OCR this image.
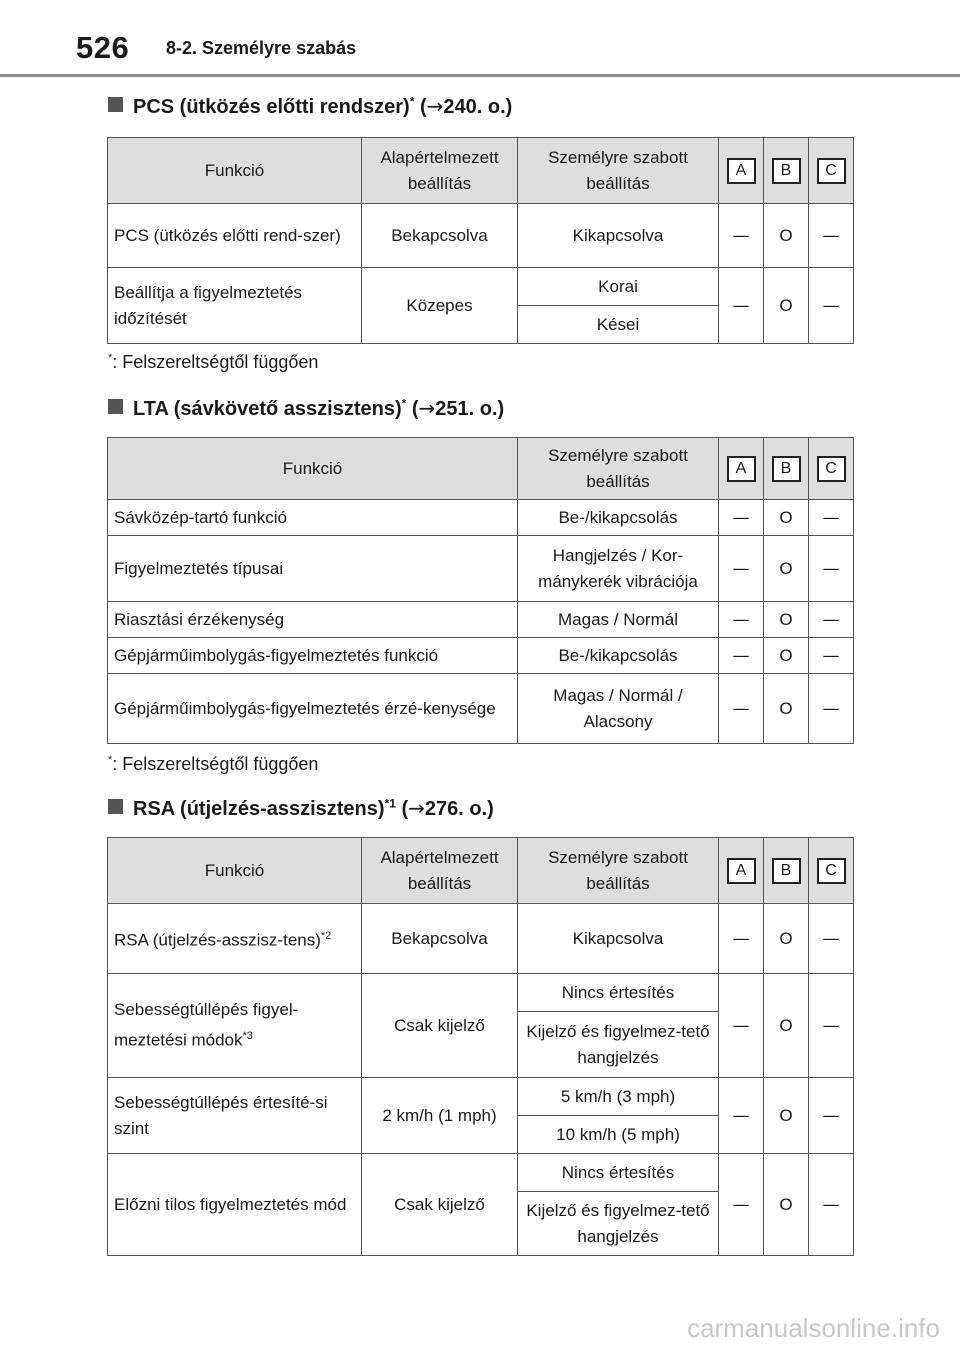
526 8-2. Személyre szabás
PCS (ütközés előtti rendszer)* (→240. o.)
Funkció	Alapértelmezett beállítás	Személyre szabott beállítás	A	B	C
PCS (ütközés előtti rend-szer)	Bekapcsolva	Kikapcsolva	—	O	—
Beállítja a figyelmeztetés időzítését	Közepes	Korai	—	O	—
		Kései			
*: Felszereltségtől függően
LTA (sávkövető asszisztens)* (→251. o.)
Funkció	Személyre szabott beállítás	A	B	C
Sávközép-tartó funkció	Be-/kikapcsolás	—	O	—
Figyelmeztetés típusai	Hangjelzés / Kor-mánykerék vibrációja	—	O	—
Riasztási érzékenység	Magas / Normál	—	O	—
Gépjárműimbolygás-figyelmeztetés funkció	Be-/kikapcsolás	—	O	—
Gépjárműimbolygás-figyelmeztetés érzé-kenysége	Magas / Normál / Alacsony	—	O	—
*: Felszereltségtől függően
RSA (útjelzés-asszisztens)$^{*1}$ (→276. o.)
Funkció	Alapértelmezett beállítás	Személyre szabott beállítás	A	B	C
RSA (útjelzés-asszisz-tens)$^{*2}$	Bekapcsolva	Kikapcsolva	—	O	—
Sebességtúllépés figyel-meztetési módok$^{*3}$	Csak kijelző	Nincs értesítés	—	O	—
		Kijelző és figyelmez-tető hangjelzés			
Sebességtúllépés értesíté-si szint	2 km/h (1 mph)	5 km/h (3 mph)	—	O	—
		10 km/h (5 mph)			
Előzni tilos figyelmeztetés mód	Csak kijelző	Nincs értesítés	—	O	—
		Kijelző és figyelmez-tető hangjelzés			
carmanualsonline.info
